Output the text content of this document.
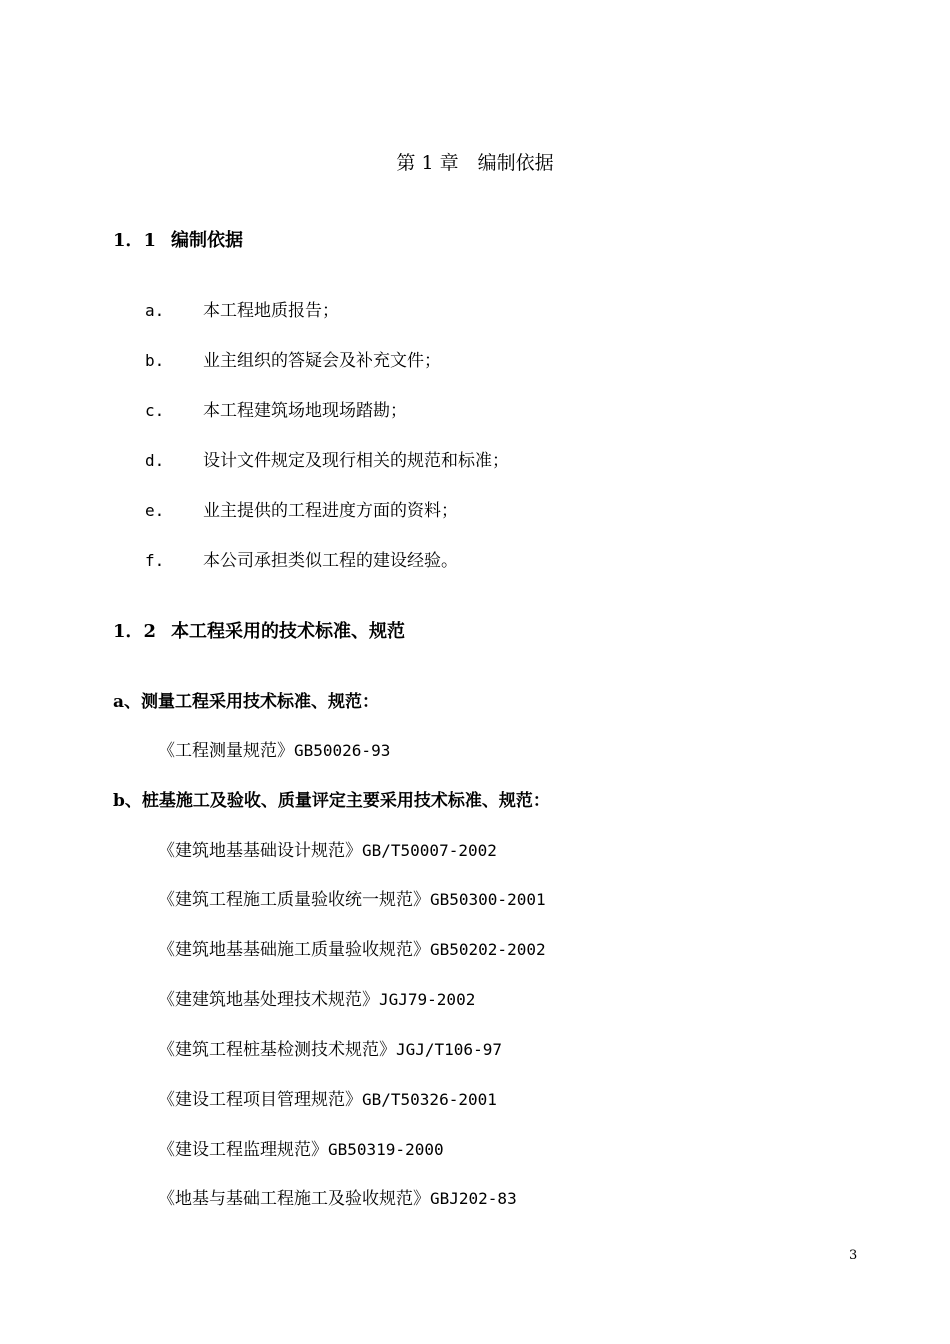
第 1 章　编制依据
1．1 编制依据
a. 本工程地质报告；
b. 业主组织的答疑会及补充文件；
c. 本工程建筑场地现场踏勘；
d. 设计文件规定及现行相关的规范和标准；
e. 业主提供的工程进度方面的资料；
f. 本公司承担类似工程的建设经验。
1．2 本工程采用的技术标准、规范
a、测量工程采用技术标准、规范：
《工程测量规范》GB50026-93
b、桩基施工及验收、质量评定主要采用技术标准、规范：
《建筑地基基础设计规范》GB/T50007-2002
《建筑工程施工质量验收统一规范》GB50300-2001
《建筑地基基础施工质量验收规范》GB50202-2002
《建建筑地基处理技术规范》JGJ79-2002
《建筑工程桩基检测技术规范》JGJ/T106-97
《建设工程项目管理规范》GB/T50326-2001
《建设工程监理规范》GB50319-2000
《地基与基础工程施工及验收规范》GBJ202-83
3
